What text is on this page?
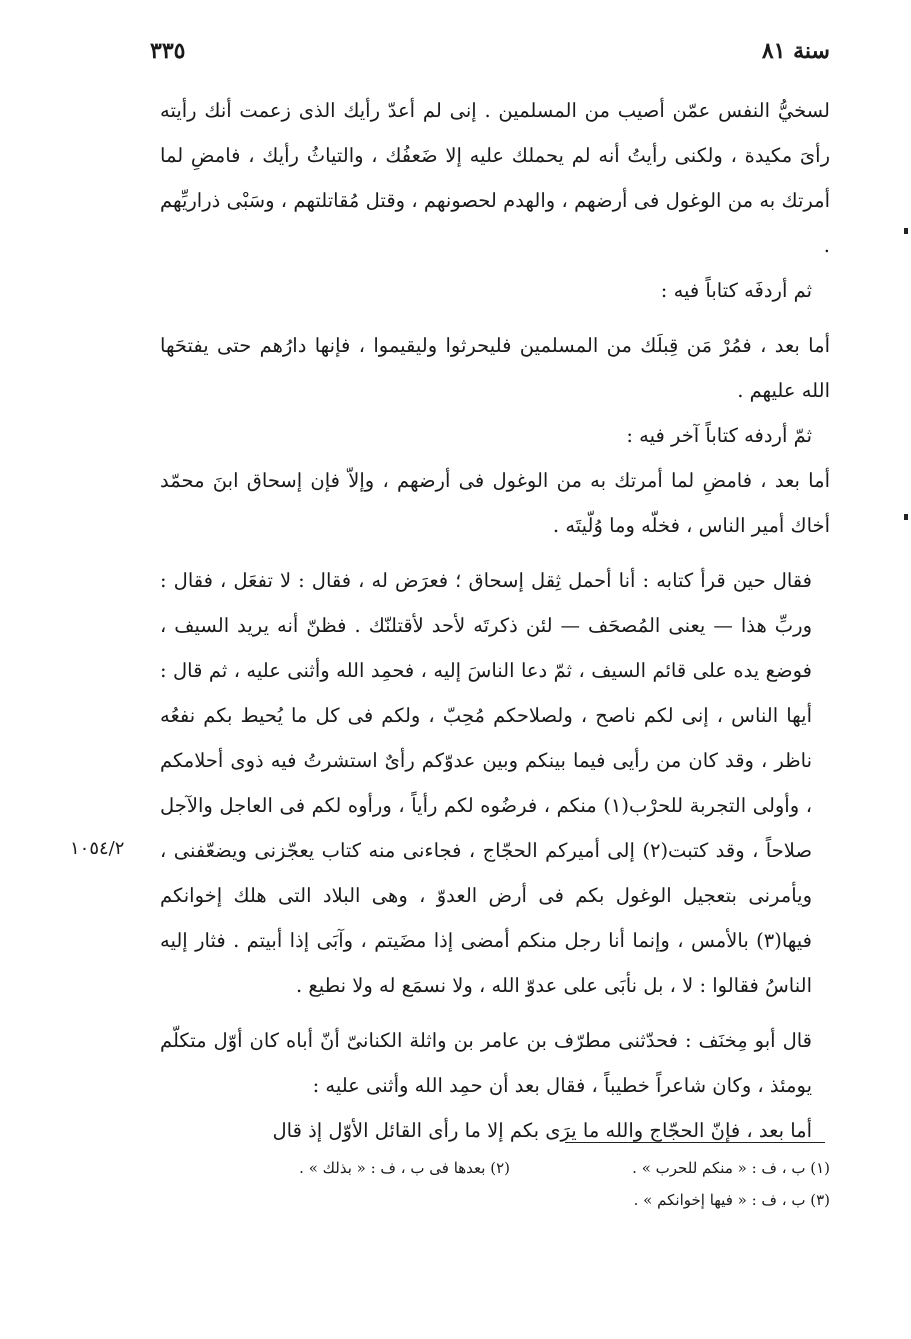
سنة ٨١
٣٣٥

لسخيُّ النفس عمّن أصيب من المسلمين . إنى لم أعدّ رأيك الذى زعمت أنك رأيته رأىَ مكيدة ، ولكنى رأيتُ أنه لم يحملك عليه إلا ضَعفُك ، والتياثُ رأيك ، فامضِ لما أمرتك به من الوغول فى أرضهم ، والهدم لحصونهم ، وقتل مُقاتلتهم ، وسَبْى ذراريِّهم .

ثم أردفَه كتاباً فيه :

أما بعد ، فمُرْ مَن قِبلَك من المسلمين فليحرثوا وليقيموا ، فإنها دارُهم حتى يفتحَها الله عليهم .

ثمّ أردفه كتاباً آخر فيه :

أما بعد ، فامضِ لما أمرتك به من الوغول فى أرضهم ، وإلاّ فإن إسحاق ابنَ محمّد أخاك أمير الناس ، فخلّه وما وُلّيتَه .

فقال حين قرأ كتابه : أنا أحمل ثِقل إسحاق ؛ فعرَض له ، فقال : لا تفعَل ، فقال : وربِّ هذا — يعنى المُصحَف — لئن ذكرتَه لأحد لأقتلنّك . فظنّ أنه يريد السيف ، فوضع يده على قائم السيف ، ثمّ دعا الناسَ إليه ، فحمِد الله وأثنى عليه ، ثم قال : أيها الناس ، إنى لكم ناصح ، ولصلاحكم مُحِبّ ، ولكم فى كل ما يُحيط بكم نفعُه ناظر ، وقد كان من رأيى فيما بينكم وبين عدوّكم رأىٌ استشرتُ فيه ذوى أحلامكم ، وأولى التجربة للحرْب(١) منكم ، فرضُوه لكم رأياً ، ورأوه لكم فى العاجل والآجل صلاحاً ، وقد كتبت(٢) إلى أميركم الحجّاج ، فجاءنى منه كتاب يعجّزنى ويضعّفنى ، ويأمرنى بتعجيل الوغول بكم فى أرض العدوّ ، وهى البلاد التى هلك إخوانكم فيها(٣) بالأمس ، وإنما أنا رجل منكم أمضى إذا مضَيتم ، وآبَى إذا أبيتم . فثار إليه الناسُ فقالوا : لا ، بل نأبَى على عدوّ الله ، ولا نسمَع له ولا نطيع .

قال أبو مِخنَف : فحدّثنى مطرّف بن عامر بن واثلة الكنانىّ أنّ أباه كان أوّل متكلّم يومئذ ، وكان شاعراً خطيباً ، فقال بعد أن حمِد الله وأثنى عليه :

أما بعد ، فإنّ الحجّاج والله ما يرَى بكم إلا ما رأى القائل الأوّل إذ قال

١٠٥٤/٢
(١) ب ، ف : « منكم للحرب » .
(٢) بعدها فى ب ، ف : « بذلك » .
(٣) ب ، ف : « فيها إخوانكم » .
